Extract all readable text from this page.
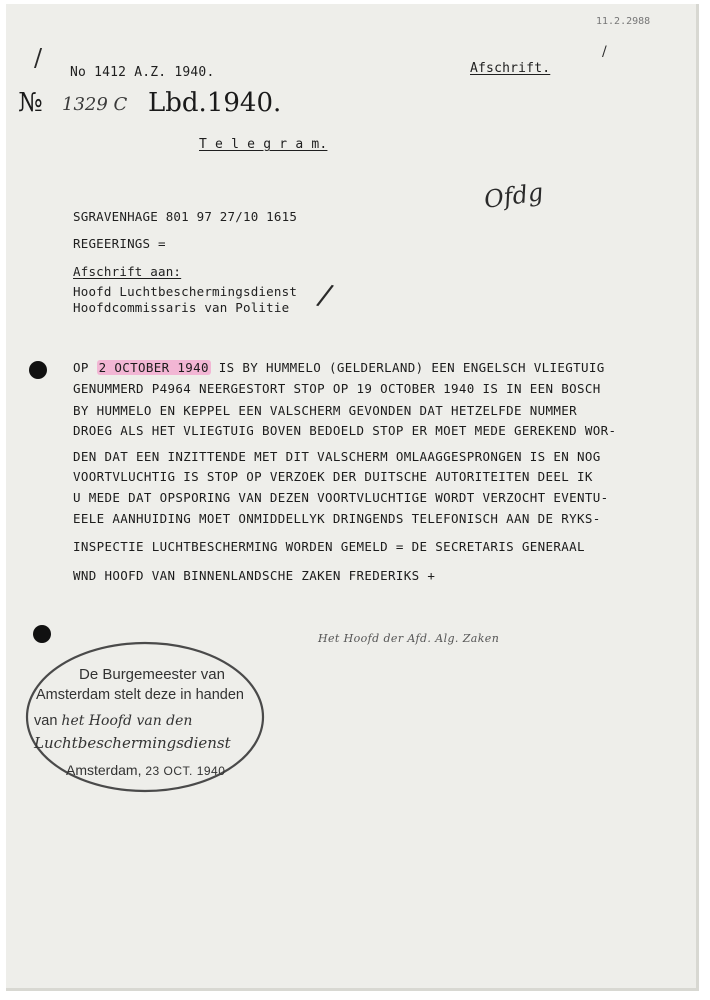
11.2.2988
/
No 1412 A.Z. 1940.	Afschrift.
/
№ 1329 C Lbd.1940.
T e l e g r a m.
Ofdg
SGRAVENHAGE 801 97 27/10 1615
REGEERINGS =
Afschrift aan:
Hoofd Luchtbeschermingsdienst
Hoofdcommissaris van Politie /
OP 2 OCTOBER 1940 IS BY HUMMELO (GELDERLAND) EEN ENGELSCH VLIEGTUIG
GENUMMERD P4964 NEERGESTORT STOP OP 19 OCTOBER 1940 IS IN EEN BOSCH
BY HUMMELO EN KEPPEL EEN VALSCHERM GEVONDEN DAT HETZELFDE NUMMER
DROEG ALS HET VLIEGTUIG BOVEN BEDOELD STOP ER MOET MEDE GEREKEND WOR-
DEN DAT EEN INZITTENDE MET DIT VALSCHERM OMLAAGGESPRONGEN IS EN NOG
VOORTVLUCHTIG IS STOP OP VERZOEK DER DUITSCHE AUTORITEITEN DEEL IK
U MEDE DAT OPSPORING VAN DEZEN VOORTVLUCHTIGE WORDT VERZOCHT EVENTU-
EELE AANHUIDING MOET ONMIDDELLYK DRINGENDS TELEFONISCH AAN DE RYKS-
INSPECTIE LUCHTBESCHERMING WORDEN GEMELD = DE SECRETARIS GENERAAL
WND HOOFD VAN BINNENLANDSCHE ZAKEN FREDERIKS +
Het Hoofd der Afd. Alg. Zaken
De Burgemeester van
Amsterdam stelt deze in handen
van het Hoofd van den
Luchtbeschermingsdienst
Amsterdam, 23 OCT. 1940
